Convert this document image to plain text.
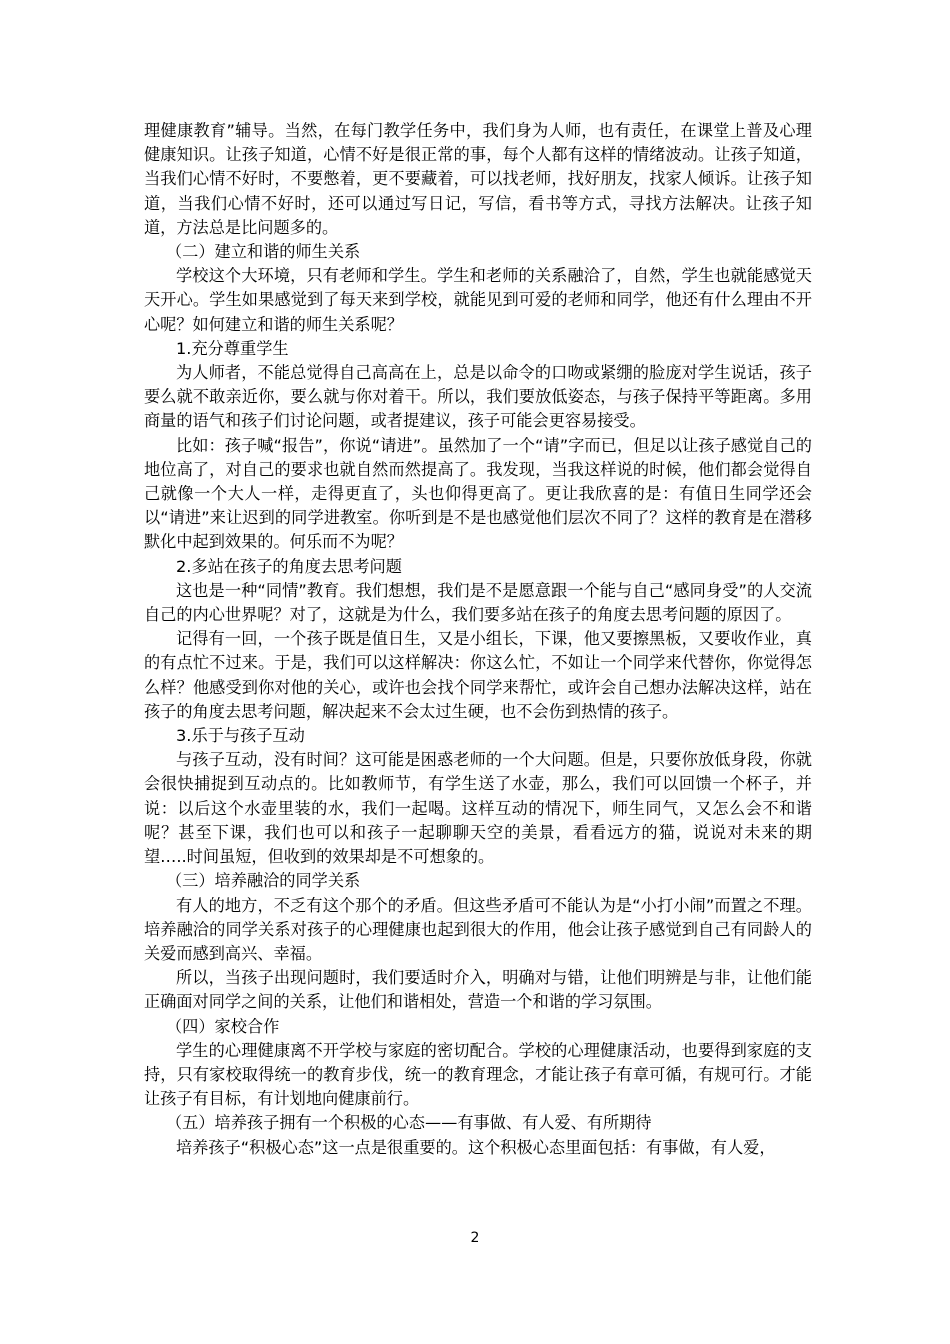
理健康教育”辅导。当然，在每门教学任务中，我们身为人师，也有责任，在课堂上普及心理健康知识。让孩子知道，心情不好是很正常的事，每个人都有这样的情绪波动。让孩子知道，当我们心情不好时，不要憋着，更不要藏着，可以找老师，找好朋友，找家人倾诉。让孩子知道，当我们心情不好时，还可以通过写日记，写信，看书等方式，寻找方法解决。让孩子知道，方法总是比问题多的。

（二）建立和谐的师生关系

学校这个大环境，只有老师和学生。学生和老师的关系融洽了，自然，学生也就能感觉天天开心。学生如果感觉到了每天来到学校，就能见到可爱的老师和同学，他还有什么理由不开心呢？如何建立和谐的师生关系呢？

1.充分尊重学生

为人师者，不能总觉得自己高高在上，总是以命令的口吻或紧绷的脸庞对学生说话，孩子要么就不敢亲近你，要么就与你对着干。所以，我们要放低姿态，与孩子保持平等距离。多用商量的语气和孩子们讨论问题，或者提建议，孩子可能会更容易接受。

比如：孩子喊“报告”，你说“请进”。虽然加了一个“请”字而已，但足以让孩子感觉自己的地位高了，对自己的要求也就自然而然提高了。我发现，当我这样说的时候，他们都会觉得自己就像一个大人一样，走得更直了，头也仰得更高了。更让我欣喜的是：有值日生同学还会以“请进”来让迟到的同学进教室。你听到是不是也感觉他们层次不同了？这样的教育是在潜移默化中起到效果的。何乐而不为呢？

2.多站在孩子的角度去思考问题

这也是一种“同情”教育。我们想想，我们是不是愿意跟一个能与自己“感同身受”的人交流自己的内心世界呢？对了，这就是为什么，我们要多站在孩子的角度去思考问题的原因了。

记得有一回，一个孩子既是值日生，又是小组长，下课，他又要擦黑板，又要收作业，真的有点忙不过来。于是，我们可以这样解决：你这么忙，不如让一个同学来代替你，你觉得怎么样？他感受到你对他的关心，或许也会找个同学来帮忙，或许会自己想办法解决这样，站在孩子的角度去思考问题，解决起来不会太过生硬，也不会伤到热情的孩子。

3.乐于与孩子互动

与孩子互动，没有时间？这可能是困惑老师的一个大问题。但是，只要你放低身段，你就会很快捕捉到互动点的。比如教师节，有学生送了水壶，那么，我们可以回馈一个杯子，并说：以后这个水壶里装的水，我们一起喝。这样互动的情况下，师生同气，又怎么会不和谐呢？甚至下课，我们也可以和孩子一起聊聊天空的美景，看看远方的猫，说说对未来的期望…..时间虽短，但收到的效果却是不可想象的。

（三）培养融洽的同学关系

有人的地方，不乏有这个那个的矛盾。但这些矛盾可不能认为是“小打小闹”而置之不理。培养融洽的同学关系对孩子的心理健康也起到很大的作用，他会让孩子感觉到自己有同龄人的关爱而感到高兴、幸福。

所以，当孩子出现问题时，我们要适时介入，明确对与错，让他们明辨是与非，让他们能正确面对同学之间的关系，让他们和谐相处，营造一个和谐的学习氛围。

（四）家校合作

学生的心理健康离不开学校与家庭的密切配合。学校的心理健康活动，也要得到家庭的支持，只有家校取得统一的教育步伐，统一的教育理念，才能让孩子有章可循，有规可行。才能让孩子有目标，有计划地向健康前行。

（五）培养孩子拥有一个积极的心态——有事做、有人爱、有所期待

培养孩子“积极心态”这一点是很重要的。这个积极心态里面包括：有事做，有人爱，

2
